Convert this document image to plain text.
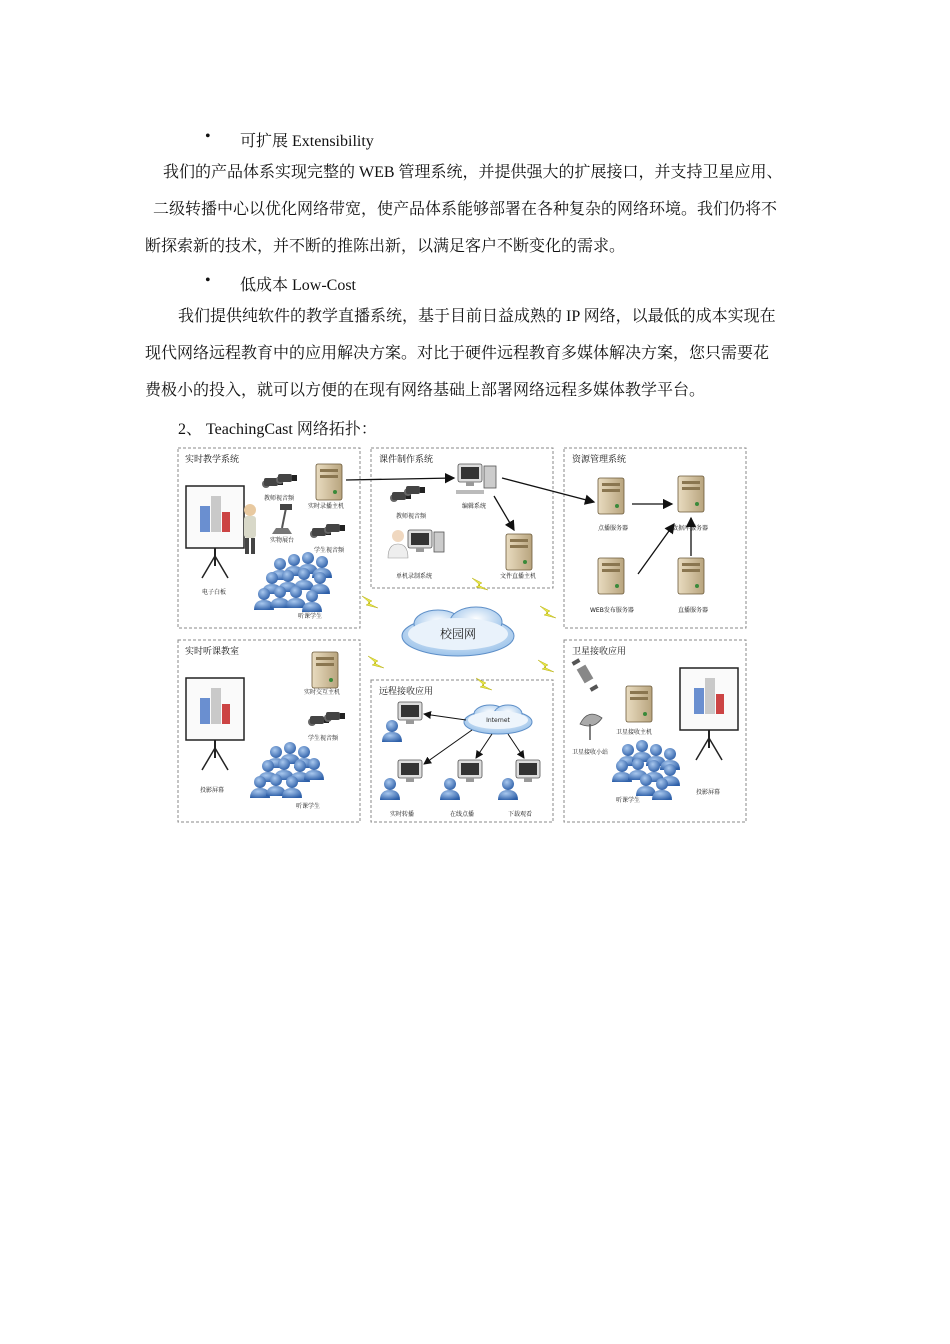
• 可扩展 Extensibility
我们的产品体系实现完整的 WEB 管理系统，并提供强大的扩展接口，并支持卫星应用、
二级转播中心以优化网络带宽，使产品体系能够部署在各种复杂的网络环境。我们仍将不
断探索新的技术，并不断的推陈出新，以满足客户不断变化的需求。
• 低成本 Low-Cost
我们提供纯软件的教学直播系统，基于目前日益成熟的 IP 网络，以最低的成本实现在
现代网络远程教育中的应用解决方案。对比于硬件远程教育多媒体解决方案，您只需要花
费极小的投入，就可以方便的在现有网络基础上部署网络远程多媒体教学平台。
2、 TeachingCast 网络拓扑：
实时教学系统	课件制作系统	资源管理系统
实时听课教室
远程接收应用
卫星接收应用
教师视音频
实时录播主机
实物展台
学生视音频
电子白板
听课学生
教师视音频
编辑系统
单机录制系统	文件直播主机
点播服务器	数据库服务器
WEB发布服务器	直播服务器
校园网
实时交互主机
学生视音频
投影屏幕
听课学生
Internet
实时转播	在线点播	下载观看
卫星接收小站
卫星接收主机
听课学生
投影屏幕
